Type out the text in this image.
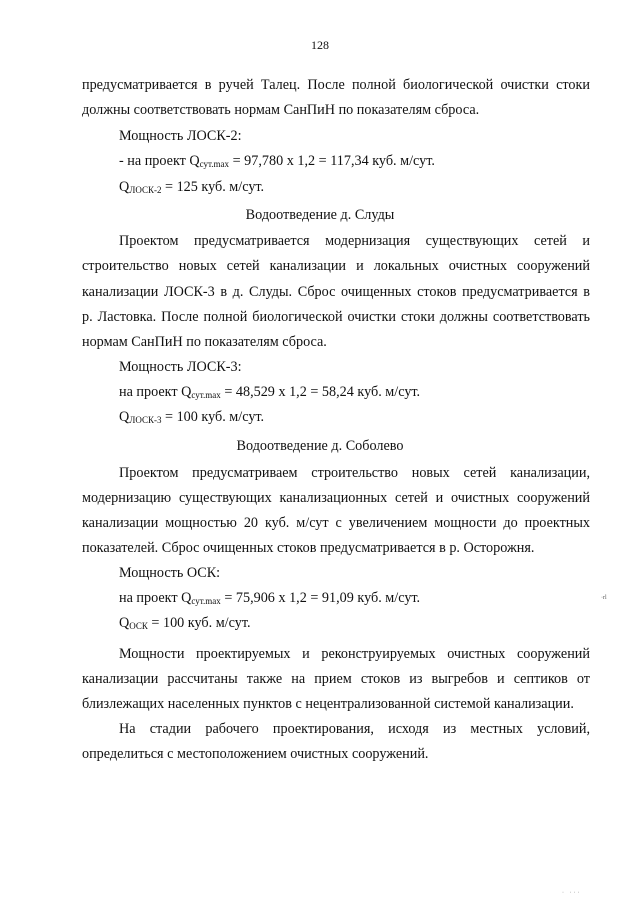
128
предусматривается в ручей Талец. После полной биологической очистки стоки
должны соответствовать нормам СанПиН по показателям сброса.
Мощность ЛОСК-2:
- на проект $Q_{сут.max} = 97,780$ х 1,2 = 117,34 куб. м/сут.
$Q_{ЛОСК-2} = 125$ куб. м/сут.
Водоотведение д. Слуды
Проектом предусматривается модернизация существующих сетей и
строительство новых сетей канализации и локальных очистных сооружений
канализации ЛОСК-3 в д. Слуды. Сброс очищенных стоков предусматривается в
р. Ластовка. После полной биологической очистки стоки должны соответствовать
нормам СанПиН по показателям сброса.
Мощность ЛОСК-3:
на проект $Q_{сут.max} = 48,529$ х 1,2 = 58,24 куб. м/сут.
$Q_{ЛОСК-3} = 100$ куб. м/сут.
Водоотведение д. Соболево
Проектом предусматриваем строительство новых сетей канализации,
модернизацию существующих канализационных сетей и очистных сооружений
канализации мощностью 20 куб. м/сут с увеличением мощности до проектных
показателей. Сброс очищенных стоков предусматривается в р. Осторожня.
Мощность ОСК:
на проект $Q_{сут.max} = 75,906$ х 1,2 = 91,09 куб. м/сут.
$Q_{ОСК} = 100$ куб. м/сут.
Мощности проектируемых и реконструируемых очистных сооружений
канализации рассчитаны также на прием стоков из выгребов и септиков от
близлежащих населенных пунктов с нецентрализованной системой канализации.
На стадии рабочего проектирования, исходя из местных условий,
определиться с местоположением очистных сооружений.
·rl
· ···
